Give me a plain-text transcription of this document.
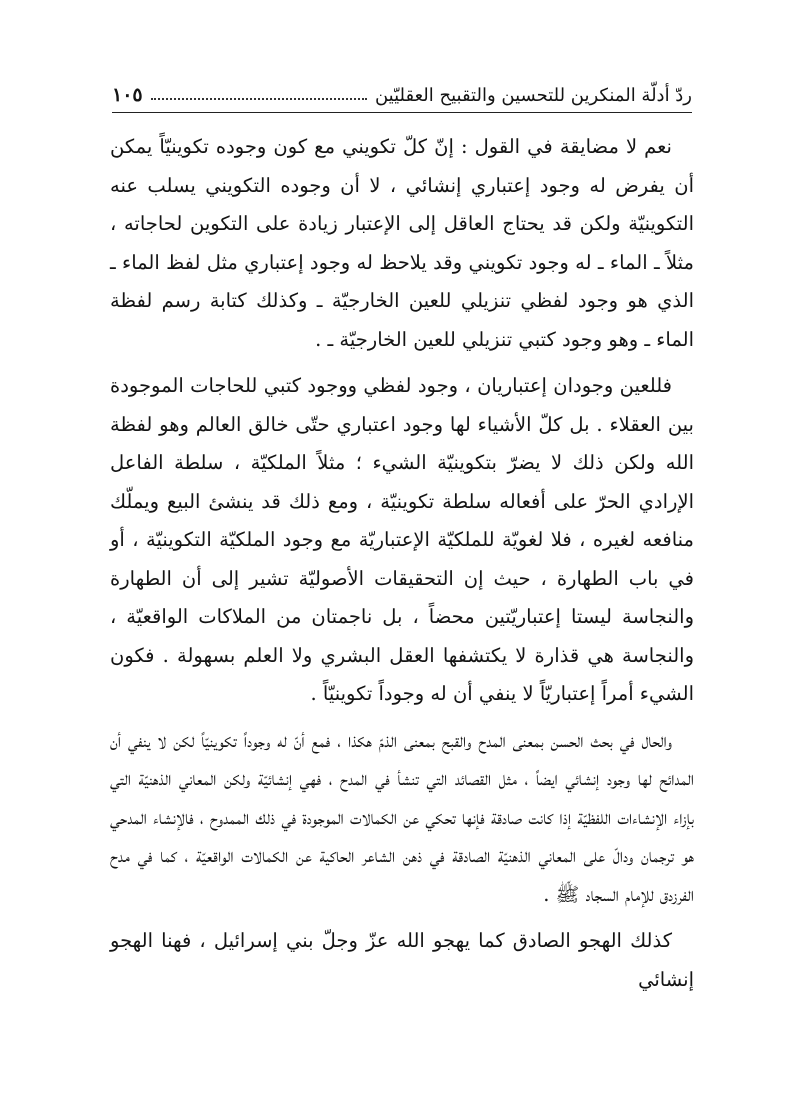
ردّ أدلّة المنكرين للتحسين والتقبيح العقليّين
١٠٥

نعم لا مضايقة في القول : إنّ كلّ تكويني مع كون وجوده تكوينيّاً يمكن أن يفرض له وجود إعتباري إنشائي ، لا أن وجوده التكويني يسلب عنه التكوينيّة ولكن قد يحتاج العاقل إلى الإعتبار زيادة على التكوين لحاجاته ، مثلاً ـ الماء ـ له وجود تكويني وقد يلاحظ له وجود إعتباري مثل لفظ الماء ـ الذي هو وجود لفظي تنزيلي للعين الخارجيّة ـ وكذلك كتابة رسم لفظة الماء ـ وهو وجود كتبي تنزيلي للعين الخارجيّة ـ .

فللعين وجودان إعتباريان ، وجود لفظي ووجود كتبي للحاجات الموجودة بين العقلاء . بل كلّ الأشياء لها وجود اعتباري حتّى خالق العالم وهو لفظة الله ولكن ذلك لا يضرّ بتكوينيّة الشيء ؛ مثلاً الملكيّة ، سلطة الفاعل الإرادي الحرّ على أفعاله سلطة تكوينيّة ، ومع ذلك قد ينشئ البيع ويملّك منافعه لغيره ، فلا لغويّة للملكيّة الإعتباريّة مع وجود الملكيّة التكوينيّة ، أو في باب الطهارة ، حيث إن التحقيقات الأصوليّة تشير إلى أن الطهارة والنجاسة ليستا إعتباريّتين محضاً ، بل ناجمتان من الملاكات الواقعيّة ، والنجاسة هي قذارة لا يكتشفها العقل البشري ولا العلم بسهولة . فكون الشيء أمراً إعتباريّاً لا ينفي أن له وجوداً تكوينيّاً .

والحال في بحث الحسن بمعنى المدح والقبح بمعنى الذمّ هكذا ، فمع أنّ له وجوداً تكوينيّاً لكن لا ينفي أن المدائح لها وجود إنشائي ايضاً ، مثل القصائد التي تنشأ في المدح ، فهي إنشائيّة ولكن المعاني الذهنيّة التي بإزاء الإنشاءات اللفظيّة إذا كانت صادقة فإنها تحكي عن الكمالات الموجودة في ذلك الممدوح ، فالإنشاء المدحي هو ترجمان ودالّ على المعاني الذهنيّة الصادقة في ذهن الشاعر الحاكية عن الكمالات الواقعيّة ، كما في مدح الفرزدق للإمام السجاد ﷺ .

كذلك الهجو الصادق كما يهجو الله عزّ وجلّ بني إسرائيل ، فهنا الهجو إنشائي
